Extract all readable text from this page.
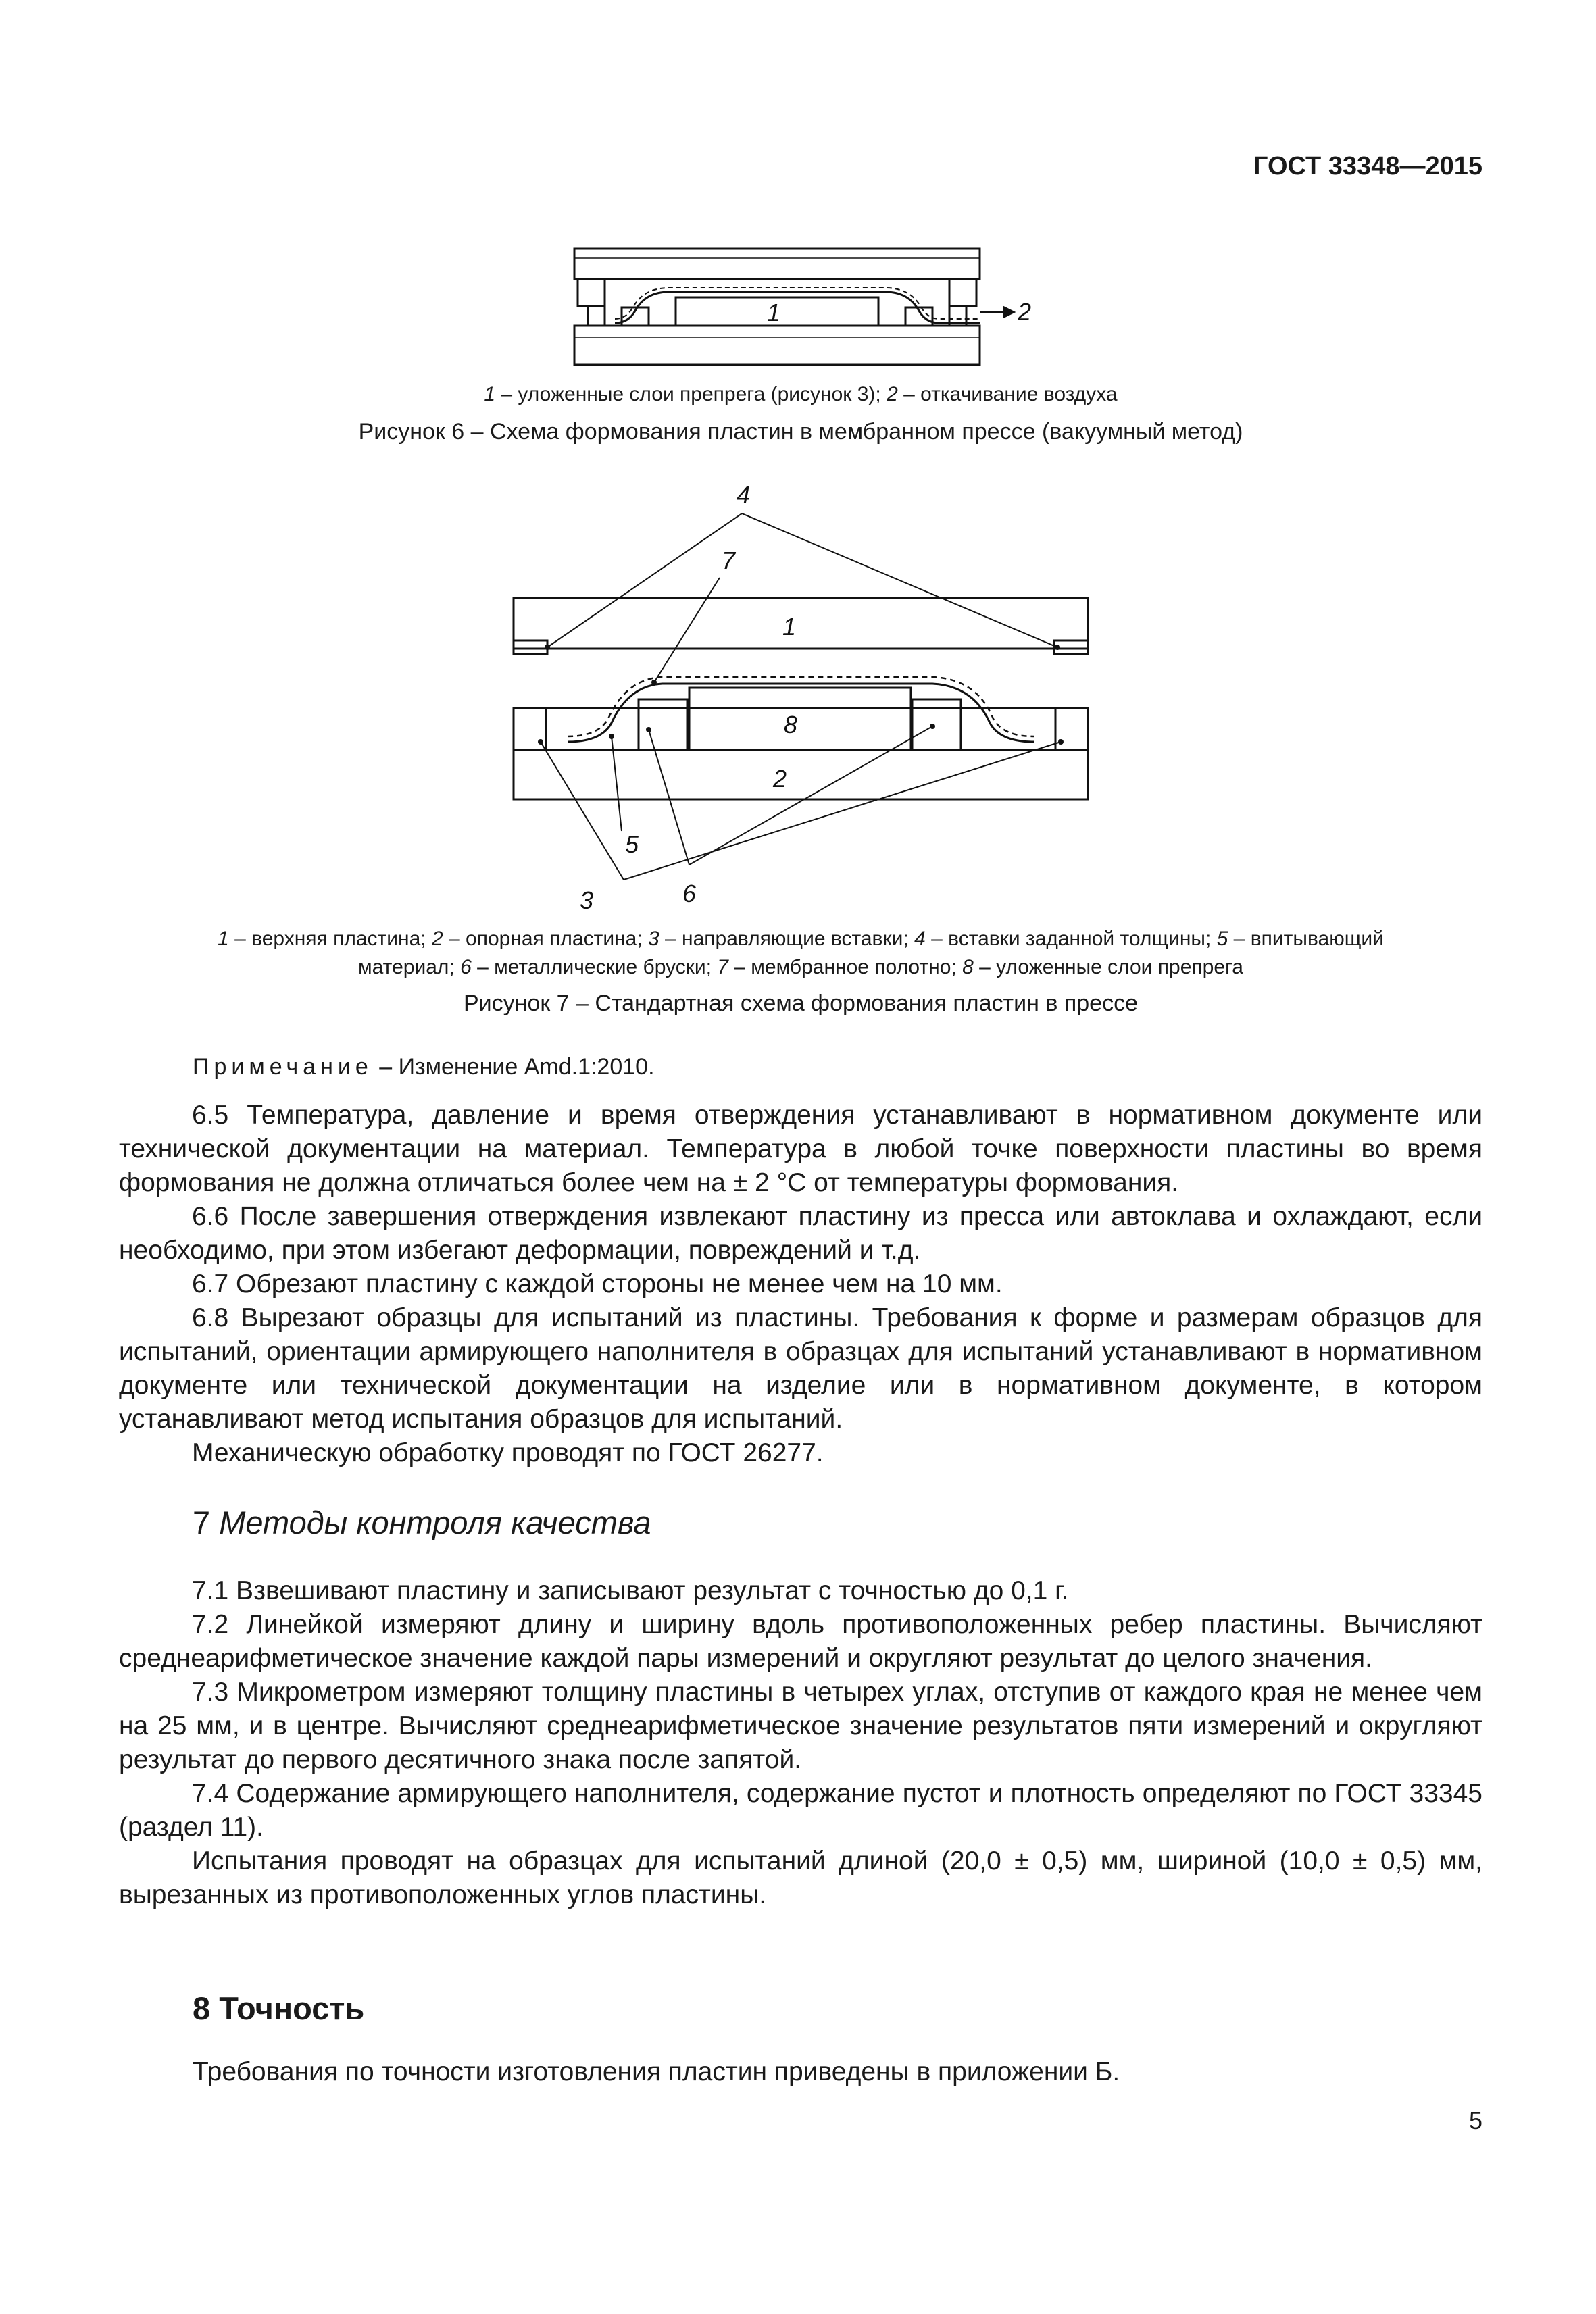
ГОСТ 33348—2015
1	2
1 – уложенные слои препрега (рисунок 3); 2 – откачивание воздуха
Рисунок 6 – Схема формования пластин в мембранном прессе (вакуумный метод)
1
2
3
4
5
6
7
8
1 – верхняя пластина; 2 – опорная пластина; 3 – направляющие вставки; 4 – вставки заданной толщины; 5 – впитывающий
материал; 6 – металлические бруски; 7 – мембранное полотно; 8 – уложенные слои препрега
Рисунок 7 – Стандартная схема формования пластин в прессе
Примечание – Изменение Amd.1:2010.

6.5 Температура, давление и время отверждения устанавливают в нормативном документе или технической документации на материал. Температура в любой точке поверхности пластины во время формования не должна отличаться более чем на ± 2 °С от температуры формования.

6.6 После завершения отверждения извлекают пластину из пресса или автоклава и охлаждают, если необходимо, при этом избегают деформации, повреждений и т.д.

6.7 Обрезают пластину с каждой стороны не менее чем на 10 мм.

6.8 Вырезают образцы для испытаний из пластины. Требования к форме и размерам образцов для испытаний, ориентации армирующего наполнителя в образцах для испытаний устанавливают в нормативном документе или технической документации на изделие или в нормативном документе, в котором устанавливают метод испытания образцов для испытаний.

Механическую обработку проводят по ГОСТ 26277.

7 Методы контроля качества

7.1 Взвешивают пластину и записывают результат с точностью до 0,1 г.

7.2 Линейкой измеряют длину и ширину вдоль противоположенных ребер пластины. Вычисляют среднеарифметическое значение каждой пары измерений и округляют результат до целого значения.

7.3 Микрометром измеряют толщину пластины в четырех углах, отступив от каждого края не менее чем на 25 мм, и в центре. Вычисляют среднеарифметическое значение результатов пяти измерений и округляют результат до первого десятичного знака после запятой.

7.4 Содержание армирующего наполнителя, содержание пустот и плотность определяют по ГОСТ 33345 (раздел 11).

Испытания проводят на образцах для испытаний длиной (20,0 ± 0,5) мм, шириной (10,0 ± 0,5) мм, вырезанных из противоположенных углов пластины.

8 Точность
Требования по точности изготовления пластин приведены в приложении Б.
5
